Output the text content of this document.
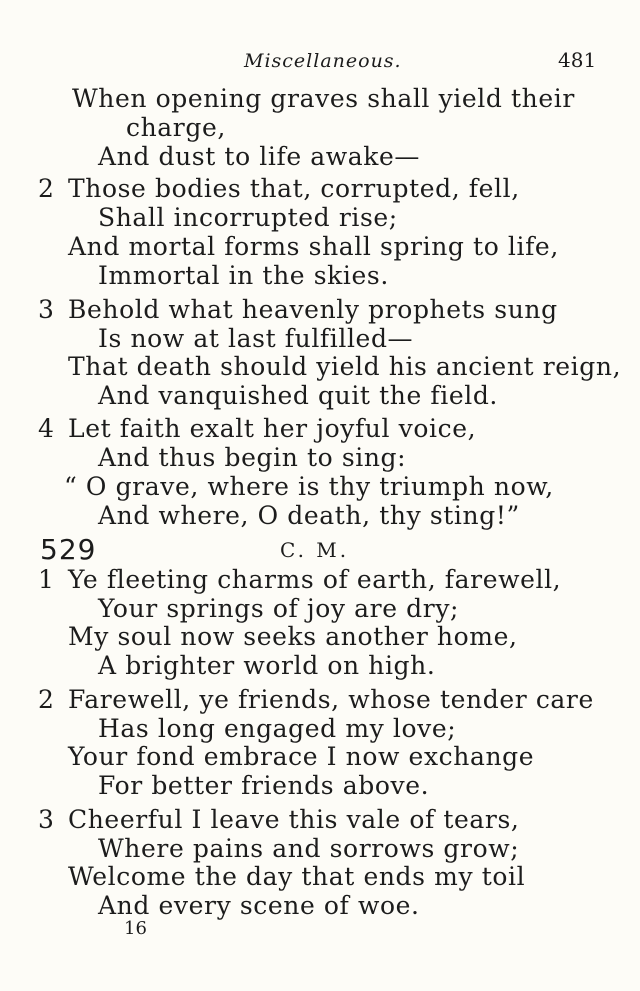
Miscellaneous.	481
When opening graves shall yield their
charge,
And dust to life awake—
2 Those bodies that, corrupted, fell,
Shall incorrupted rise;
And mortal forms shall spring to life,
Immortal in the skies.
3 Behold what heavenly prophets sung
Is now at last fulfilled—
That death should yield his ancient reign,
And vanquished quit the field.
4 Let faith exalt her joyful voice,
And thus begin to sing:
“ O grave, where is thy triumph now,
And where, O death, thy sting!”
529	C. M.
1 Ye fleeting charms of earth, farewell,
Your springs of joy are dry;
My soul now seeks another home,
A brighter world on high.
2 Farewell, ye friends, whose tender care
Has long engaged my love;
Your fond embrace I now exchange
For better friends above.
3 Cheerful I leave this vale of tears,
Where pains and sorrows grow;
Welcome the day that ends my toil
And every scene of woe.
16
